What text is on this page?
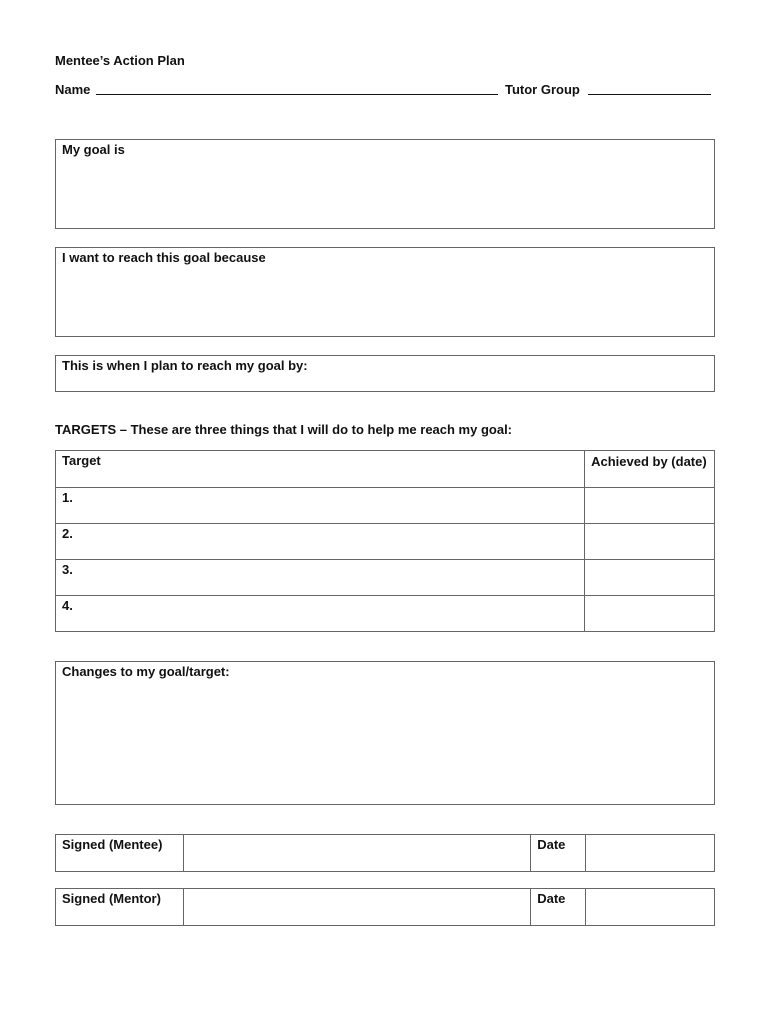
Mentee’s Action Plan
Name	Tutor Group
My goal is
I want to reach this goal because
This is when I plan to reach my goal by:
TARGETS – These are three things that I will do to help me reach my goal:
Target	Achieved by (date)
1.	
2.	
3.	
4.	
Changes to my goal/target:
Signed (Mentee)		Date	
Signed (Mentor)		Date	
